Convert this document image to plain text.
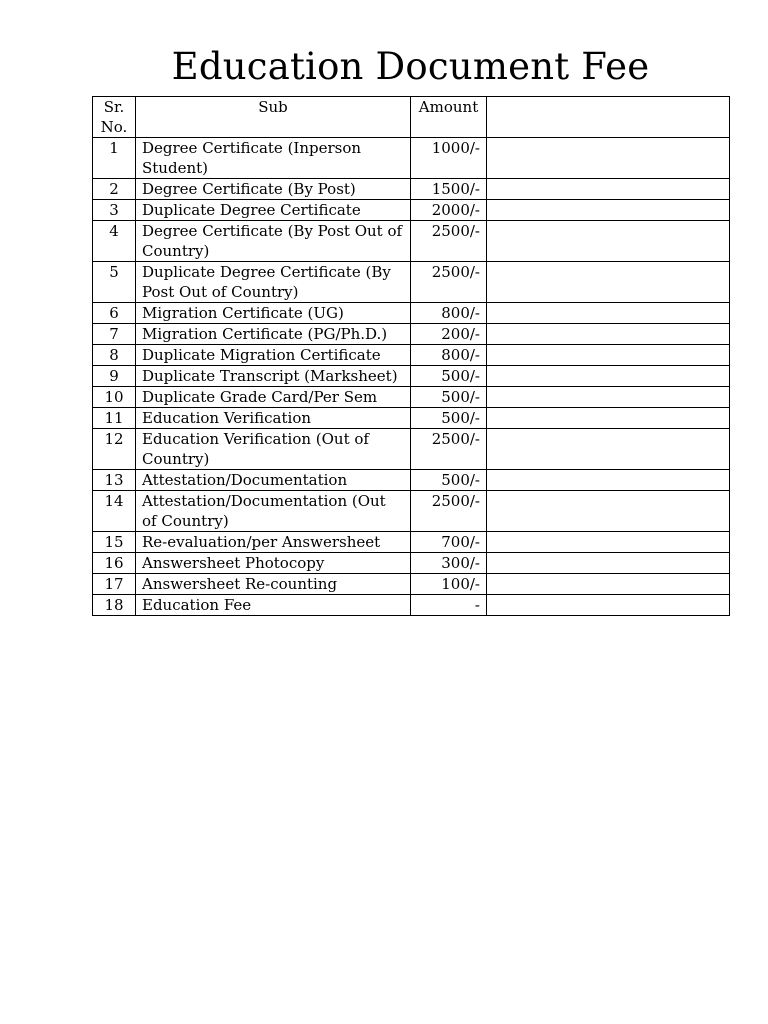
Education Document Fee
Sr. No.	Sub	Amount	
1	Degree Certificate (Inperson Student)	1000/-	
2	Degree Certificate (By Post)	1500/-	
3	Duplicate Degree Certificate	2000/-	
4	Degree Certificate (By Post Out of Country)	2500/-	
5	Duplicate Degree Certificate (By Post Out of Country)	2500/-	
6	Migration Certificate (UG)	800/-	
7	Migration Certificate (PG/Ph.D.)	200/-	
8	Duplicate Migration Certificate	800/-	
9	Duplicate Transcript (Marksheet)	500/-	
10	Duplicate Grade Card/Per Sem	500/-	
11	Education Verification	500/-	
12	Education Verification (Out of Country)	2500/-	
13	Attestation/Documentation	500/-	
14	Attestation/Documentation (Out of Country)	2500/-	
15	Re-evaluation/per Answersheet	700/-	
16	Answersheet Photocopy	300/-	
17	Answersheet Re-counting	100/-	
18	Education Fee	-	
